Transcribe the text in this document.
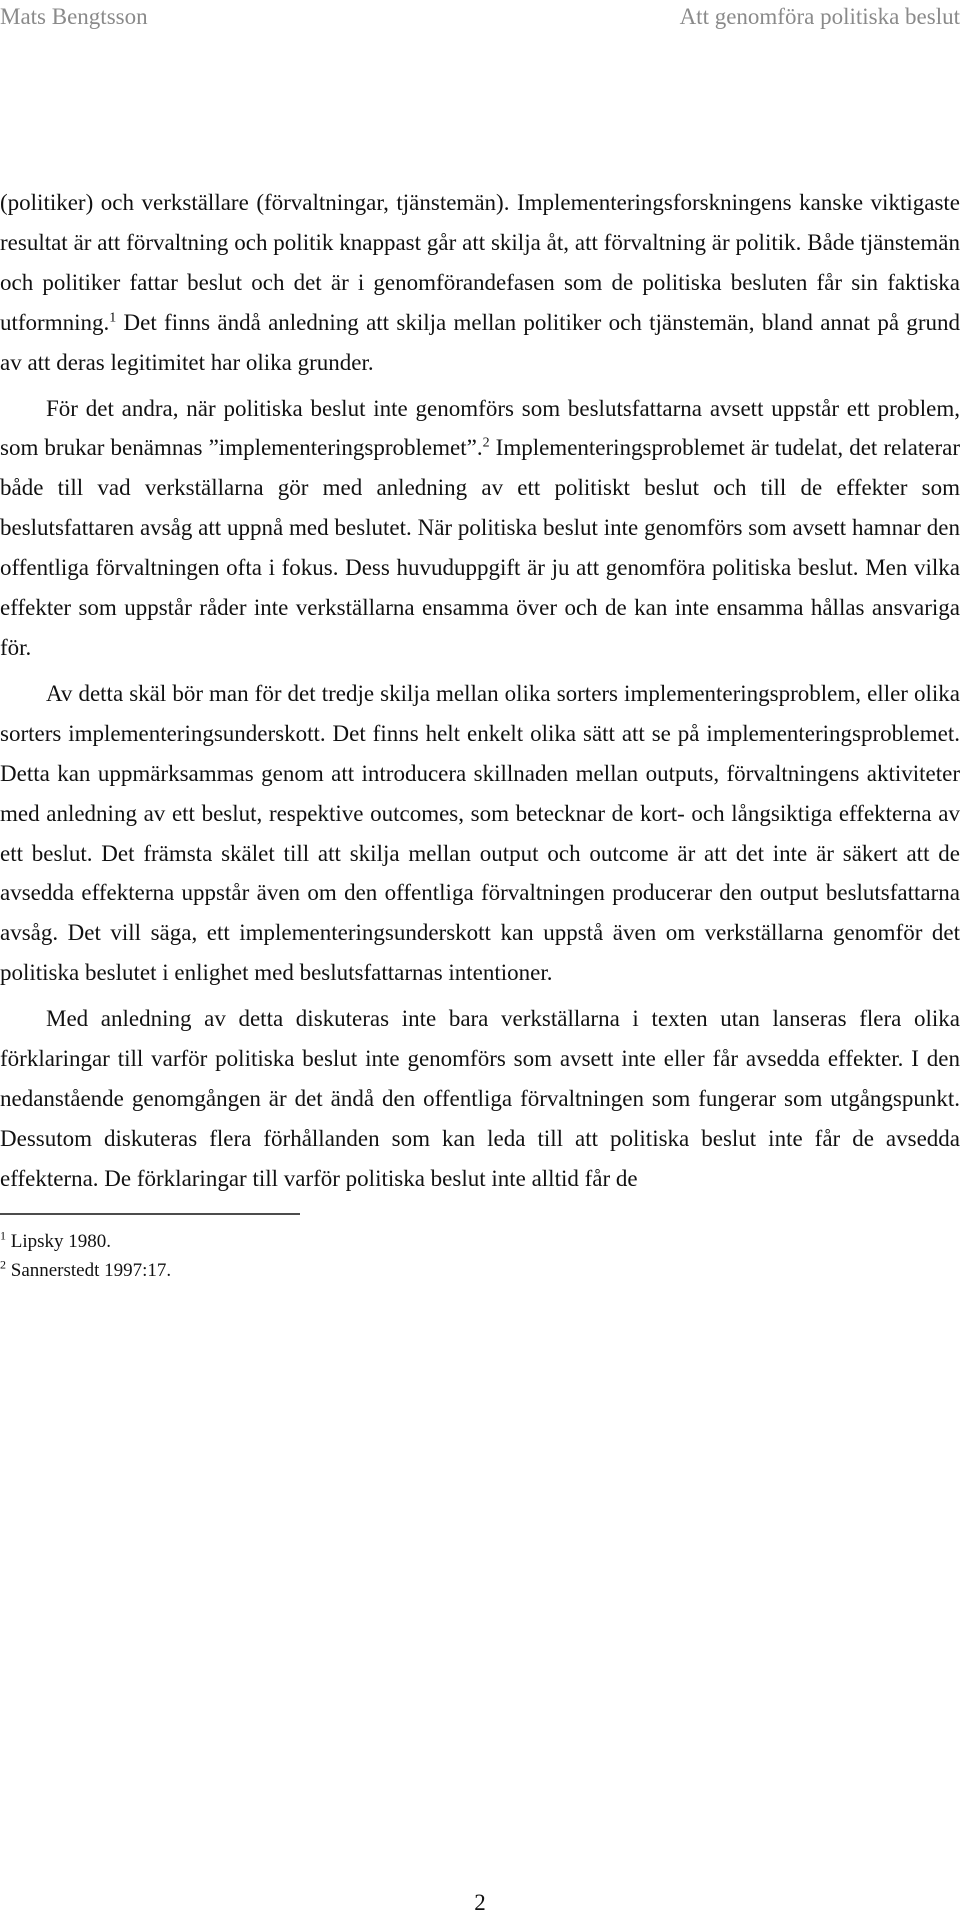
Mats Bengtsson	Att genomföra politiska beslut

(politiker) och verkställare (förvaltningar, tjänstemän). Implementeringsforskningens kanske viktigaste resultat är att förvaltning och politik knappast går att skilja åt, att förvaltning är politik. Både tjänstemän och politiker fattar beslut och det är i genomförandefasen som de politiska besluten får sin faktiska utformning.$^1$ Det finns ändå anledning att skilja mellan politiker och tjänstemän, bland annat på grund av att deras legitimitet har olika grunder.

För det andra, när politiska beslut inte genomförs som beslutsfattarna avsett uppstår ett problem, som brukar benämnas ”implementeringsproblemet”.$^2$ Implementeringsproblemet är tudelat, det relaterar både till vad verkställarna gör med anledning av ett politiskt beslut och till de effekter som beslutsfattaren avsåg att uppnå med beslutet. När politiska beslut inte genomförs som avsett hamnar den offentliga förvaltningen ofta i fokus. Dess huvuduppgift är ju att genomföra politiska beslut. Men vilka effekter som uppstår råder inte verkställarna ensamma över och de kan inte ensamma hållas ansvariga för.

Av detta skäl bör man för det tredje skilja mellan olika sorters implementeringsproblem, eller olika sorters implementeringsunderskott. Det finns helt enkelt olika sätt att se på implementeringsproblemet. Detta kan uppmärksammas genom att introducera skillnaden mellan outputs, förvaltningens aktiviteter med anledning av ett beslut, respektive outcomes, som betecknar de kort- och långsiktiga effekterna av ett beslut. Det främsta skälet till att skilja mellan output och outcome är att det inte är säkert att de avsedda effekterna uppstår även om den offentliga förvaltningen producerar den output beslutsfattarna avsåg. Det vill säga, ett implementeringsunderskott kan uppstå även om verkställarna genomför det politiska beslutet i enlighet med beslutsfattarnas intentioner.

Med anledning av detta diskuteras inte bara verkställarna i texten utan lanseras flera olika förklaringar till varför politiska beslut inte genomförs som avsett inte eller får avsedda effekter. I den nedanstående genomgången är det ändå den offentliga förvaltningen som fungerar som utgångspunkt. Dessutom diskuteras flera förhållanden som kan leda till att politiska beslut inte får de avsedda effekterna. De förklaringar till varför politiska beslut inte alltid får de

$^1$ Lipsky 1980.
$^2$ Sannerstedt 1997:17.
2
